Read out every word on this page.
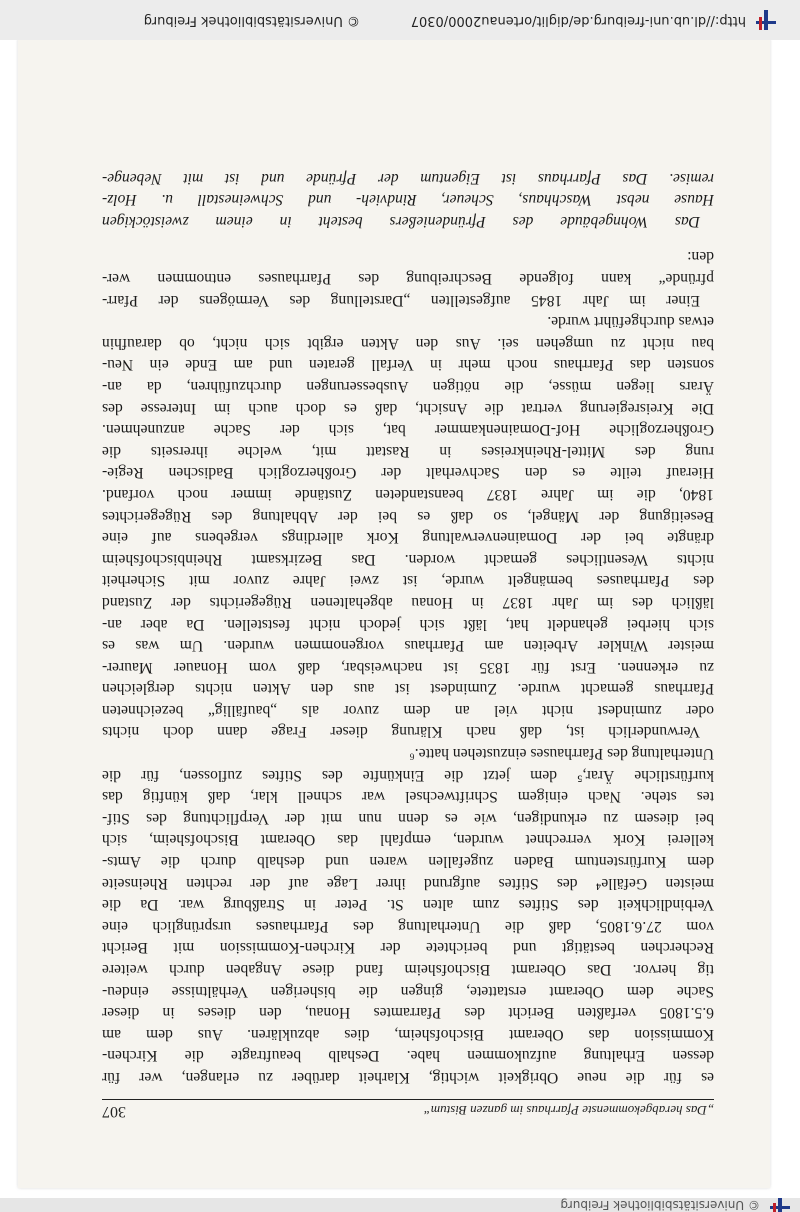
© Universitätsbibliothek Freiburg
„Das herabgekommenste Pfarrhaus im ganzen Bistum“
307
es für die neue Obrigkeit wichtig, Klarheit darüber zu erlangen, wer für
dessen Erhaltung aufzukommen habe. Deshalb beauftragte die Kirchen-
Kommission das Oberamt Bischofsheim, dies abzuklären. Aus dem am
6.5.1805 verfaßten Bericht des Pfarramtes Honau, den dieses in dieser
Sache dem Oberamt erstattete, gingen die bisherigen Verhältnisse eindeu-
tig hervor. Das Oberamt Bischofsheim fand diese Angaben durch weitere
Recherchen bestätigt und berichtete der Kirchen-Kommission mit Bericht
vom 27.6.1805, daß die Unterhaltung des Pfarrhauses ursprünglich eine
Verbindlichkeit des Stiftes zum alten St. Peter in Straßburg war. Da die
meisten Gefälle⁴ des Stiftes aufgrund ihrer Lage auf der rechten Rheinseite
dem Kurfürstentum Baden zugefallen waren und deshalb durch die Amts-
kellerei Kork verrechnet wurden, empfahl das Oberamt Bischofsheim, sich
bei diesem zu erkundigen, wie es denn nun mit der Verpflichtung des Stif-
tes stehe. Nach einigem Schriftwechsel war schnell klar, daß künftig das
kurfürstliche Ärar,⁵ dem jetzt die Einkünfte des Stiftes zuflossen, für die
Unterhaltung des Pfarrhauses einzustehen hatte.⁶
Verwunderlich ist, daß nach Klärung dieser Frage dann doch nichts
oder zumindest nicht viel an dem zuvor als „baufällig“ bezeichneten
Pfarrhaus gemacht wurde. Zumindest ist aus den Akten nichts dergleichen
zu erkennen. Erst für 1835 ist nachweisbar, daß vom Honauer Maurer-
meister Winkler Arbeiten am Pfarrhaus vorgenommen wurden. Um was es
sich hierbei gehandelt hat, läßt sich jedoch nicht feststellen. Da aber an-
läßlich des im Jahr 1837 in Honau abgehaltenen Rügegerichts der Zustand
des Pfarrhauses bemängelt wurde, ist zwei Jahre zuvor mit Sicherheit
nichts Wesentliches gemacht worden. Das Bezirksamt Rheinbischofsheim
drängte bei der Domainenverwaltung Kork allerdings vergebens auf eine
Beseitigung der Mängel, so daß es bei der Abhaltung des Rügegerichtes
1840, die im Jahre 1837 beanstandeten Zustände immer noch vorfand.
Hierauf teilte es den Sachverhalt der Großherzoglich Badischen Regie-
rung des Mittel-Rheinkreises in Rastatt mit, welche ihrerseits die
Großherzogliche Hof-Domainenkammer bat, sich der Sache anzunehmen.
Die Kreisregierung vertrat die Ansicht, daß es doch auch im Interesse des
Ärars liegen müsse, die nötigen Ausbesserungen durchzuführen, da an-
sonsten das Pfarrhaus noch mehr in Verfall geraten und am Ende ein Neu-
bau nicht zu umgehen sei. Aus den Akten ergibt sich nicht, ob daraufhin
etwas durchgeführt wurde.
Einer im Jahr 1845 aufgestellten „Darstellung des Vermögens der Pfarr-
pfründe“ kann folgende Beschreibung des Pfarrhauses entnommen wer-
den:
Das Wohngebäude des Pfründeniеßers besteht in einem zweistöckigen
Hause nebst Waschhaus, Scheuer, Rindvieh- und Schweinestall u. Holz-
remise. Das Pfarrhaus ist Eigentum der Pfründe und ist mit Nebenge-
http://dl.ub.uni-freiburg.de/diglit/ortenau2000/0307
© Universitätsbibliothek Freiburg
